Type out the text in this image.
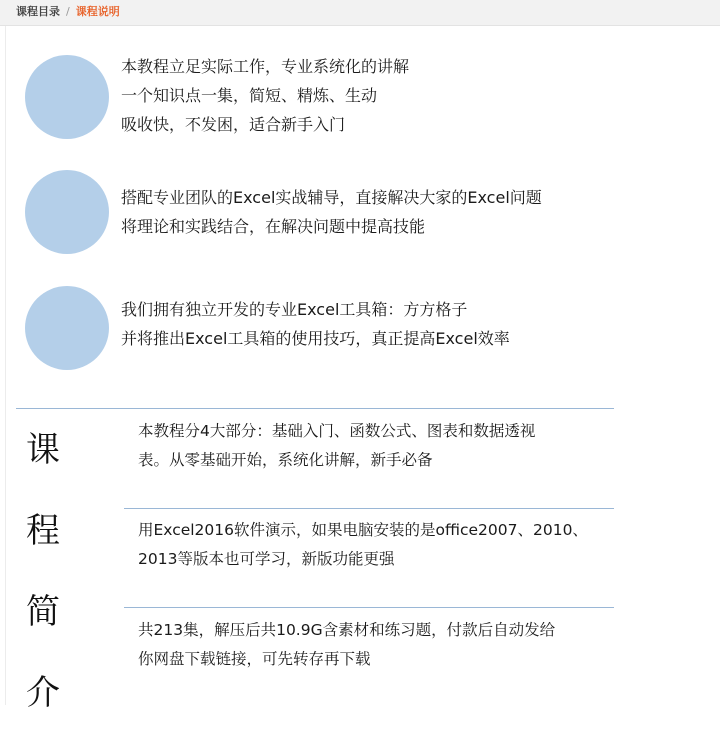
课程目录 / 课程说明
本教程立足实际工作，专业系统化的讲解
一个知识点一集，简短、精炼、生动
吸收快，不发困，适合新手入门
搭配专业团队的Excel实战辅导，直接解决大家的Excel问题
将理论和实践结合，在解决问题中提高技能
我们拥有独立开发的专业Excel工具箱：方方格子
并将推出Excel工具箱的使用技巧，真正提高Excel效率
课
程
简
介
本教程分4大部分：基础入门、函数公式、图表和数据透视
表。从零基础开始，系统化讲解，新手必备
用Excel2016软件演示，如果电脑安装的是office2007、2010、
2013等版本也可学习，新版功能更强
共213集，解压后共10.9G含素材和练习题，付款后自动发给
你网盘下载链接，可先转存再下载
